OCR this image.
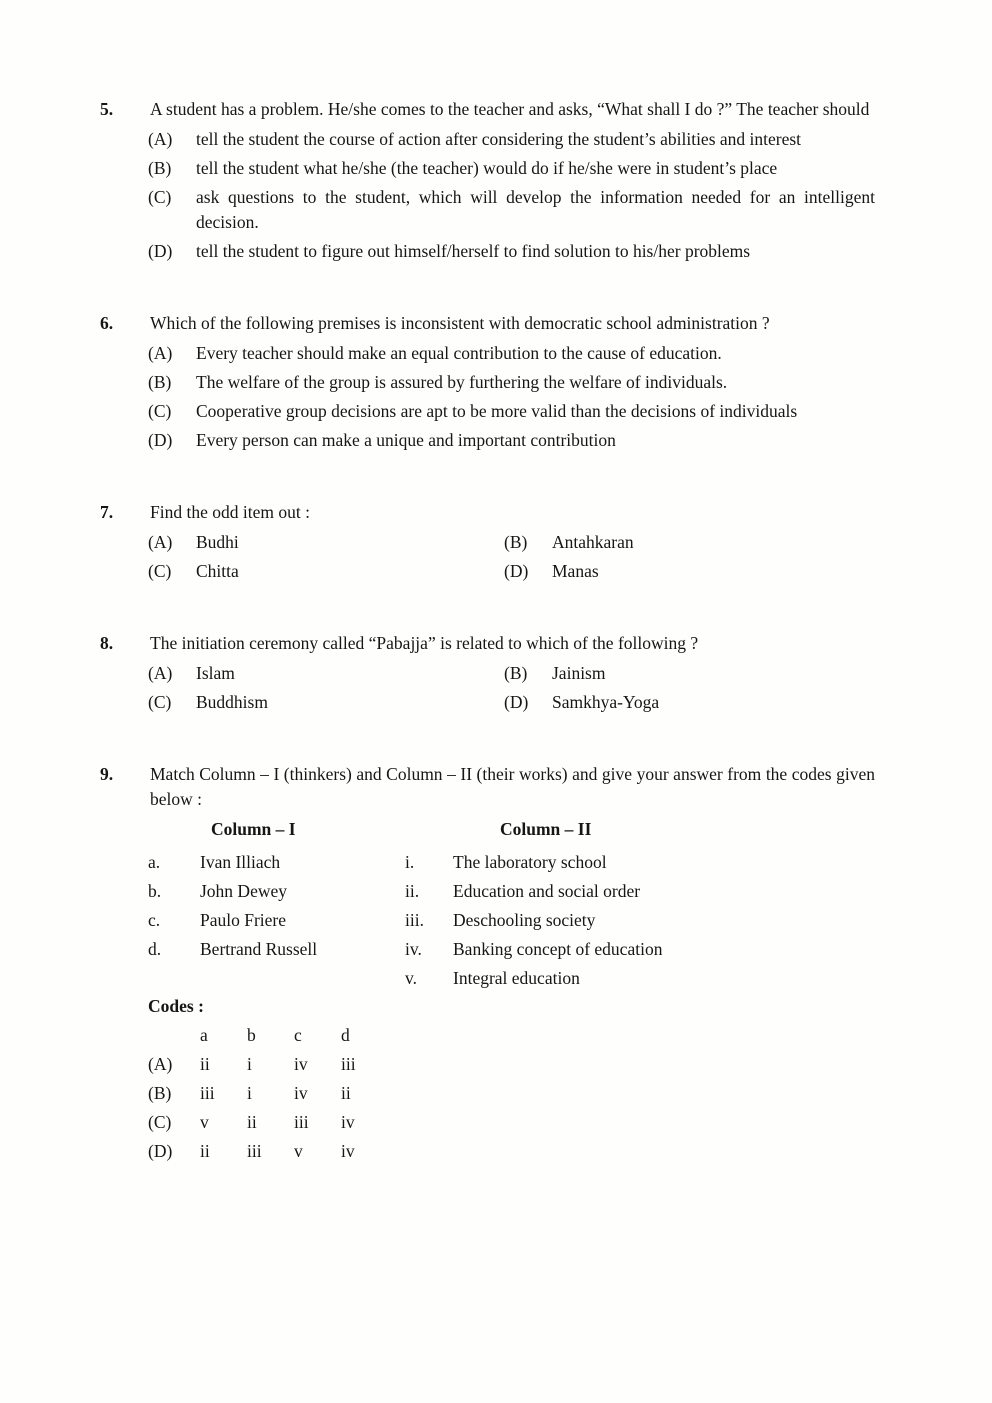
5.	A student has a problem. He/she comes to the teacher and asks, “What shall I do ?” The teacher should

(A)	tell the student the course of action after considering the student’s abilities and interest

(B)	tell the student what he/she (the teacher) would do if he/she were in student’s place

(C)	ask questions to the student, which will develop the information needed for an intelligent decision.

(D)	tell the student to figure out himself/herself to find solution to his/her problems

6.	Which of the following premises is inconsistent with democratic school administration ?

(A)	Every teacher should make an equal contribution to the cause of education.

(B)	The welfare of the group is assured by furthering the welfare of individuals.

(C)	Cooperative group decisions are apt to be more valid than the decisions of individuals

(D)	Every person can make a unique and important contribution

7.	Find the odd item out :

(A)	Budhi	(B)	Antahkaran

(C)	Chitta	(D)	Manas

8.	The initiation ceremony called “Pabajja” is related to which of the following ?

(A)	Islam	(B)	Jainism

(C)	Buddhism	(D)	Samkhya-Yoga

9.	Match Column – I (thinkers) and Column – II (their works) and give your answer from the codes given below :

Column – I	Column – II
a.	Ivan Illiach	i.	The laboratory school
b.	John Dewey	ii.	Education and social order
c.	Paulo Friere	iii.	Deschooling society
d.	Bertrand Russell	iv.	Banking concept of education
v.	Integral education

Codes :

a	b	c	d
(A)	ii	i	iv	iii
(B)	iii	i	iv	ii
(C)	v	ii	iii	iv
(D)	ii	iii	v	iv
